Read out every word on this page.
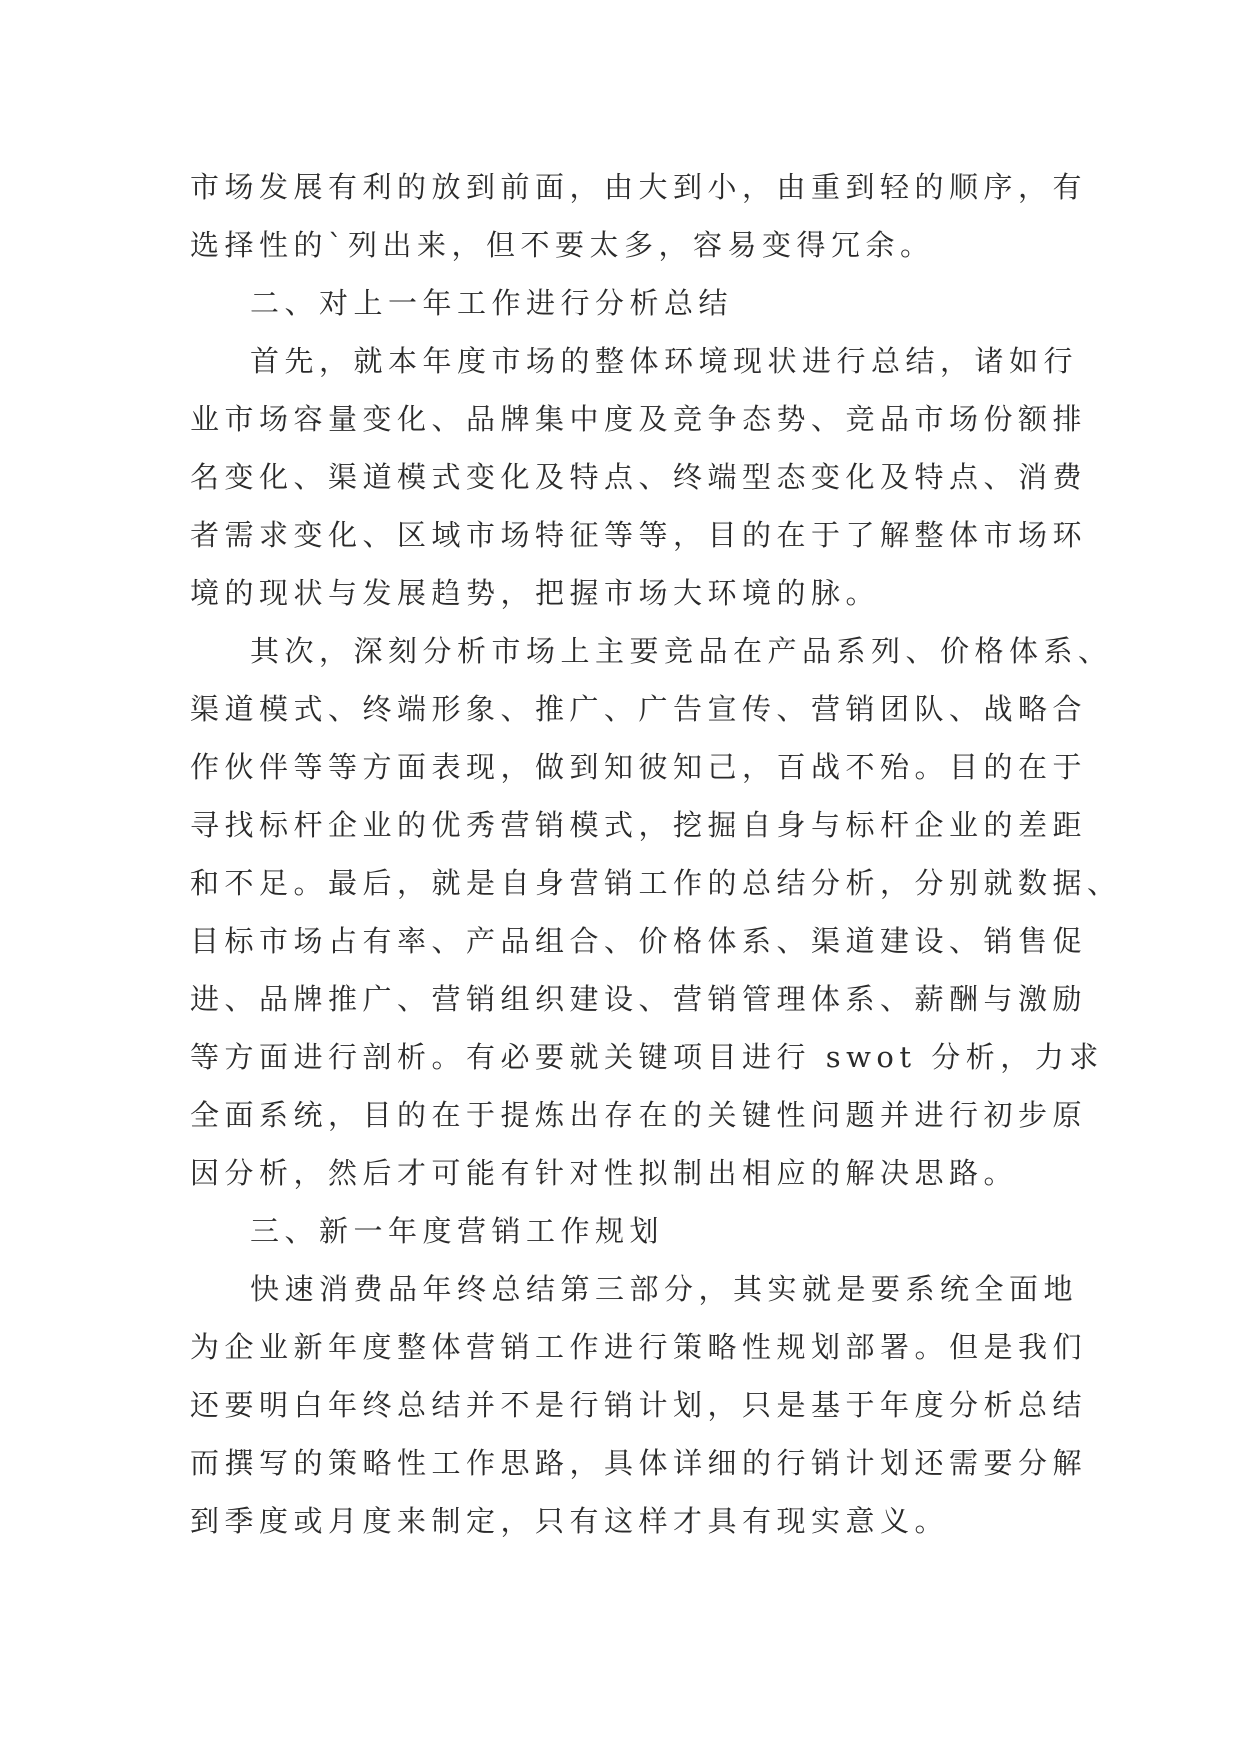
市场发展有利的放到前面，由大到小，由重到轻的顺序，有
选择性的`列出来，但不要太多，容易变得冗余。
二、对上一年工作进行分析总结
首先，就本年度市场的整体环境现状进行总结，诸如行
业市场容量变化、品牌集中度及竞争态势、竞品市场份额排
名变化、渠道模式变化及特点、终端型态变化及特点、消费
者需求变化、区域市场特征等等，目的在于了解整体市场环
境的现状与发展趋势，把握市场大环境的脉。
其次，深刻分析市场上主要竞品在产品系列、价格体系、
渠道模式、终端形象、推广、广告宣传、营销团队、战略合
作伙伴等等方面表现，做到知彼知己，百战不殆。目的在于
寻找标杆企业的优秀营销模式，挖掘自身与标杆企业的差距
和不足。最后，就是自身营销工作的总结分析，分别就数据、
目标市场占有率、产品组合、价格体系、渠道建设、销售促
进、品牌推广、营销组织建设、营销管理体系、薪酬与激励
等方面进行剖析。有必要就关键项目进行 swot 分析，力求
全面系统，目的在于提炼出存在的关键性问题并进行初步原
因分析，然后才可能有针对性拟制出相应的解决思路。
三、新一年度营销工作规划
快速消费品年终总结第三部分，其实就是要系统全面地
为企业新年度整体营销工作进行策略性规划部署。但是我们
还要明白年终总结并不是行销计划，只是基于年度分析总结
而撰写的策略性工作思路，具体详细的行销计划还需要分解
到季度或月度来制定，只有这样才具有现实意义。
